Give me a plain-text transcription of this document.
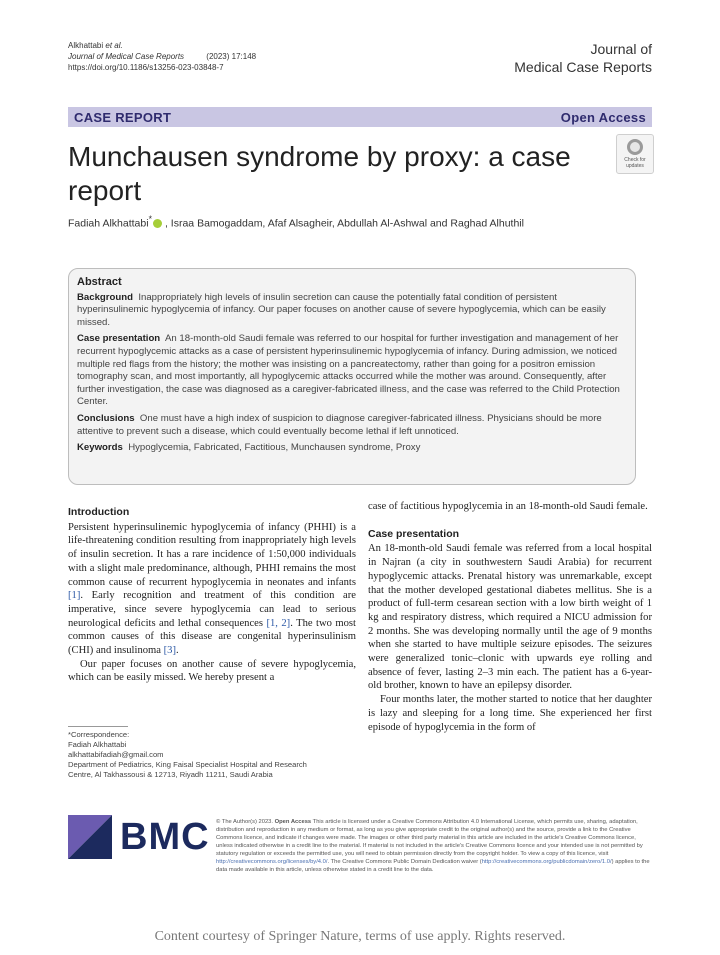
Alkhattabi et al.
Journal of Medical Case Reports	(2023) 17:148
https://doi.org/10.1186/s13256-023-03848-7
Journal of
Medical Case Reports
CASE REPORT	Open Access
Check for updates
Munchausen syndrome by proxy: a case report
Fadiah Alkhattabi* , Israa Bamogaddam, Afaf Alsagheir, Abdullah Al-Ashwal and Raghad Alhuthil
Abstract

Background Inappropriately high levels of insulin secretion can cause the potentially fatal condition of persistent hyperinsulinemic hypoglycemia of infancy. Our paper focuses on another cause of severe hypoglycemia, which can be easily missed.

Case presentation An 18-month-old Saudi female was referred to our hospital for further investigation and management of her recurrent hypoglycemic attacks as a case of persistent hyperinsulinemic hypoglycemia of infancy. During admission, we noticed multiple red flags from the history; the mother was insisting on a pancreatectomy, rather than going for a positron emission tomography scan, and most importantly, all hypoglycemic attacks occurred while the mother was around. Consequently, after further investigation, the case was diagnosed as a caregiver-fabricated illness, and the case was referred to the Child Protection Center.

Conclusions One must have a high index of suspicion to diagnose caregiver-fabricated illness. Physicians should be more attentive to prevent such a disease, which could eventually become lethal if left unnoticed.

Keywords Hypoglycemia, Fabricated, Factitious, Munchausen syndrome, Proxy

Introduction

Persistent hyperinsulinemic hypoglycemia of infancy (PHHI) is a life-threatening condition resulting from inappropriately high levels of insulin secretion. It has a rare incidence of 1:50,000 individuals with a slight male predominance, although, PHHI remains the most common cause of recurrent hypoglycemia in neonates and infants [1]. Early recognition and treatment of this condition are imperative, since severe hypoglycemia can lead to serious neurological deficits and lethal consequences [1, 2]. The two most common causes of this disease are congenital hyperinsulinism (CHI) and insulinoma [3].

Our paper focuses on another cause of severe hypoglycemia, which can be easily missed. We hereby present a

case of factitious hypoglycemia in an 18-month-old Saudi female.

Case presentation

An 18-month-old Saudi female was referred from a local hospital in Najran (a city in southwestern Saudi Arabia) for recurrent hypoglycemic attacks. Prenatal history was unremarkable, except that the mother developed gestational diabetes mellitus. She is a product of full-term cesarean section with a low birth weight of 1 kg and respiratory distress, which required a NICU admission for 2 months. She was developing normally until the age of 9 months when she started to have multiple seizure episodes. The seizures were generalized tonic–clonic with upwards eye rolling and absence of fever, lasting 2–3 min each. The patient has a 6-year-old brother, known to have an epilepsy disorder.

Four months later, the mother started to notice that her daughter is lazy and sleeping for a long time. She experienced her first episode of hypoglycemia in the form of

*Correspondence:
Fadiah Alkhattabi
alkhattabifadiah@gmail.com
Department of Pediatrics, King Faisal Specialist Hospital and Research
Centre, Al Takhassousi & 12713, Riyadh 11211, Saudi Arabia
BMC © The Author(s) 2023. Open Access This article is licensed under a Creative Commons Attribution 4.0 International License, which permits use, sharing, adaptation, distribution and reproduction in any medium or format, as long as you give appropriate credit to the original author(s) and the source, provide a link to the Creative Commons licence, and indicate if changes were made. The images or other third party material in this article are included in the article's Creative Commons licence, unless indicated otherwise in a credit line to the material. If material is not included in the article's Creative Commons licence and your intended use is not permitted by statutory regulation or exceeds the permitted use, you will need to obtain permission directly from the copyright holder. To view a copy of this licence, visit http://creativecommons.org/licenses/by/4.0/. The Creative Commons Public Domain Dedication waiver (http://creativecommons.org/publicdomain/zero/1.0/) applies to the data made available in this article, unless otherwise stated in a credit line to the data.
Content courtesy of Springer Nature, terms of use apply. Rights reserved.
